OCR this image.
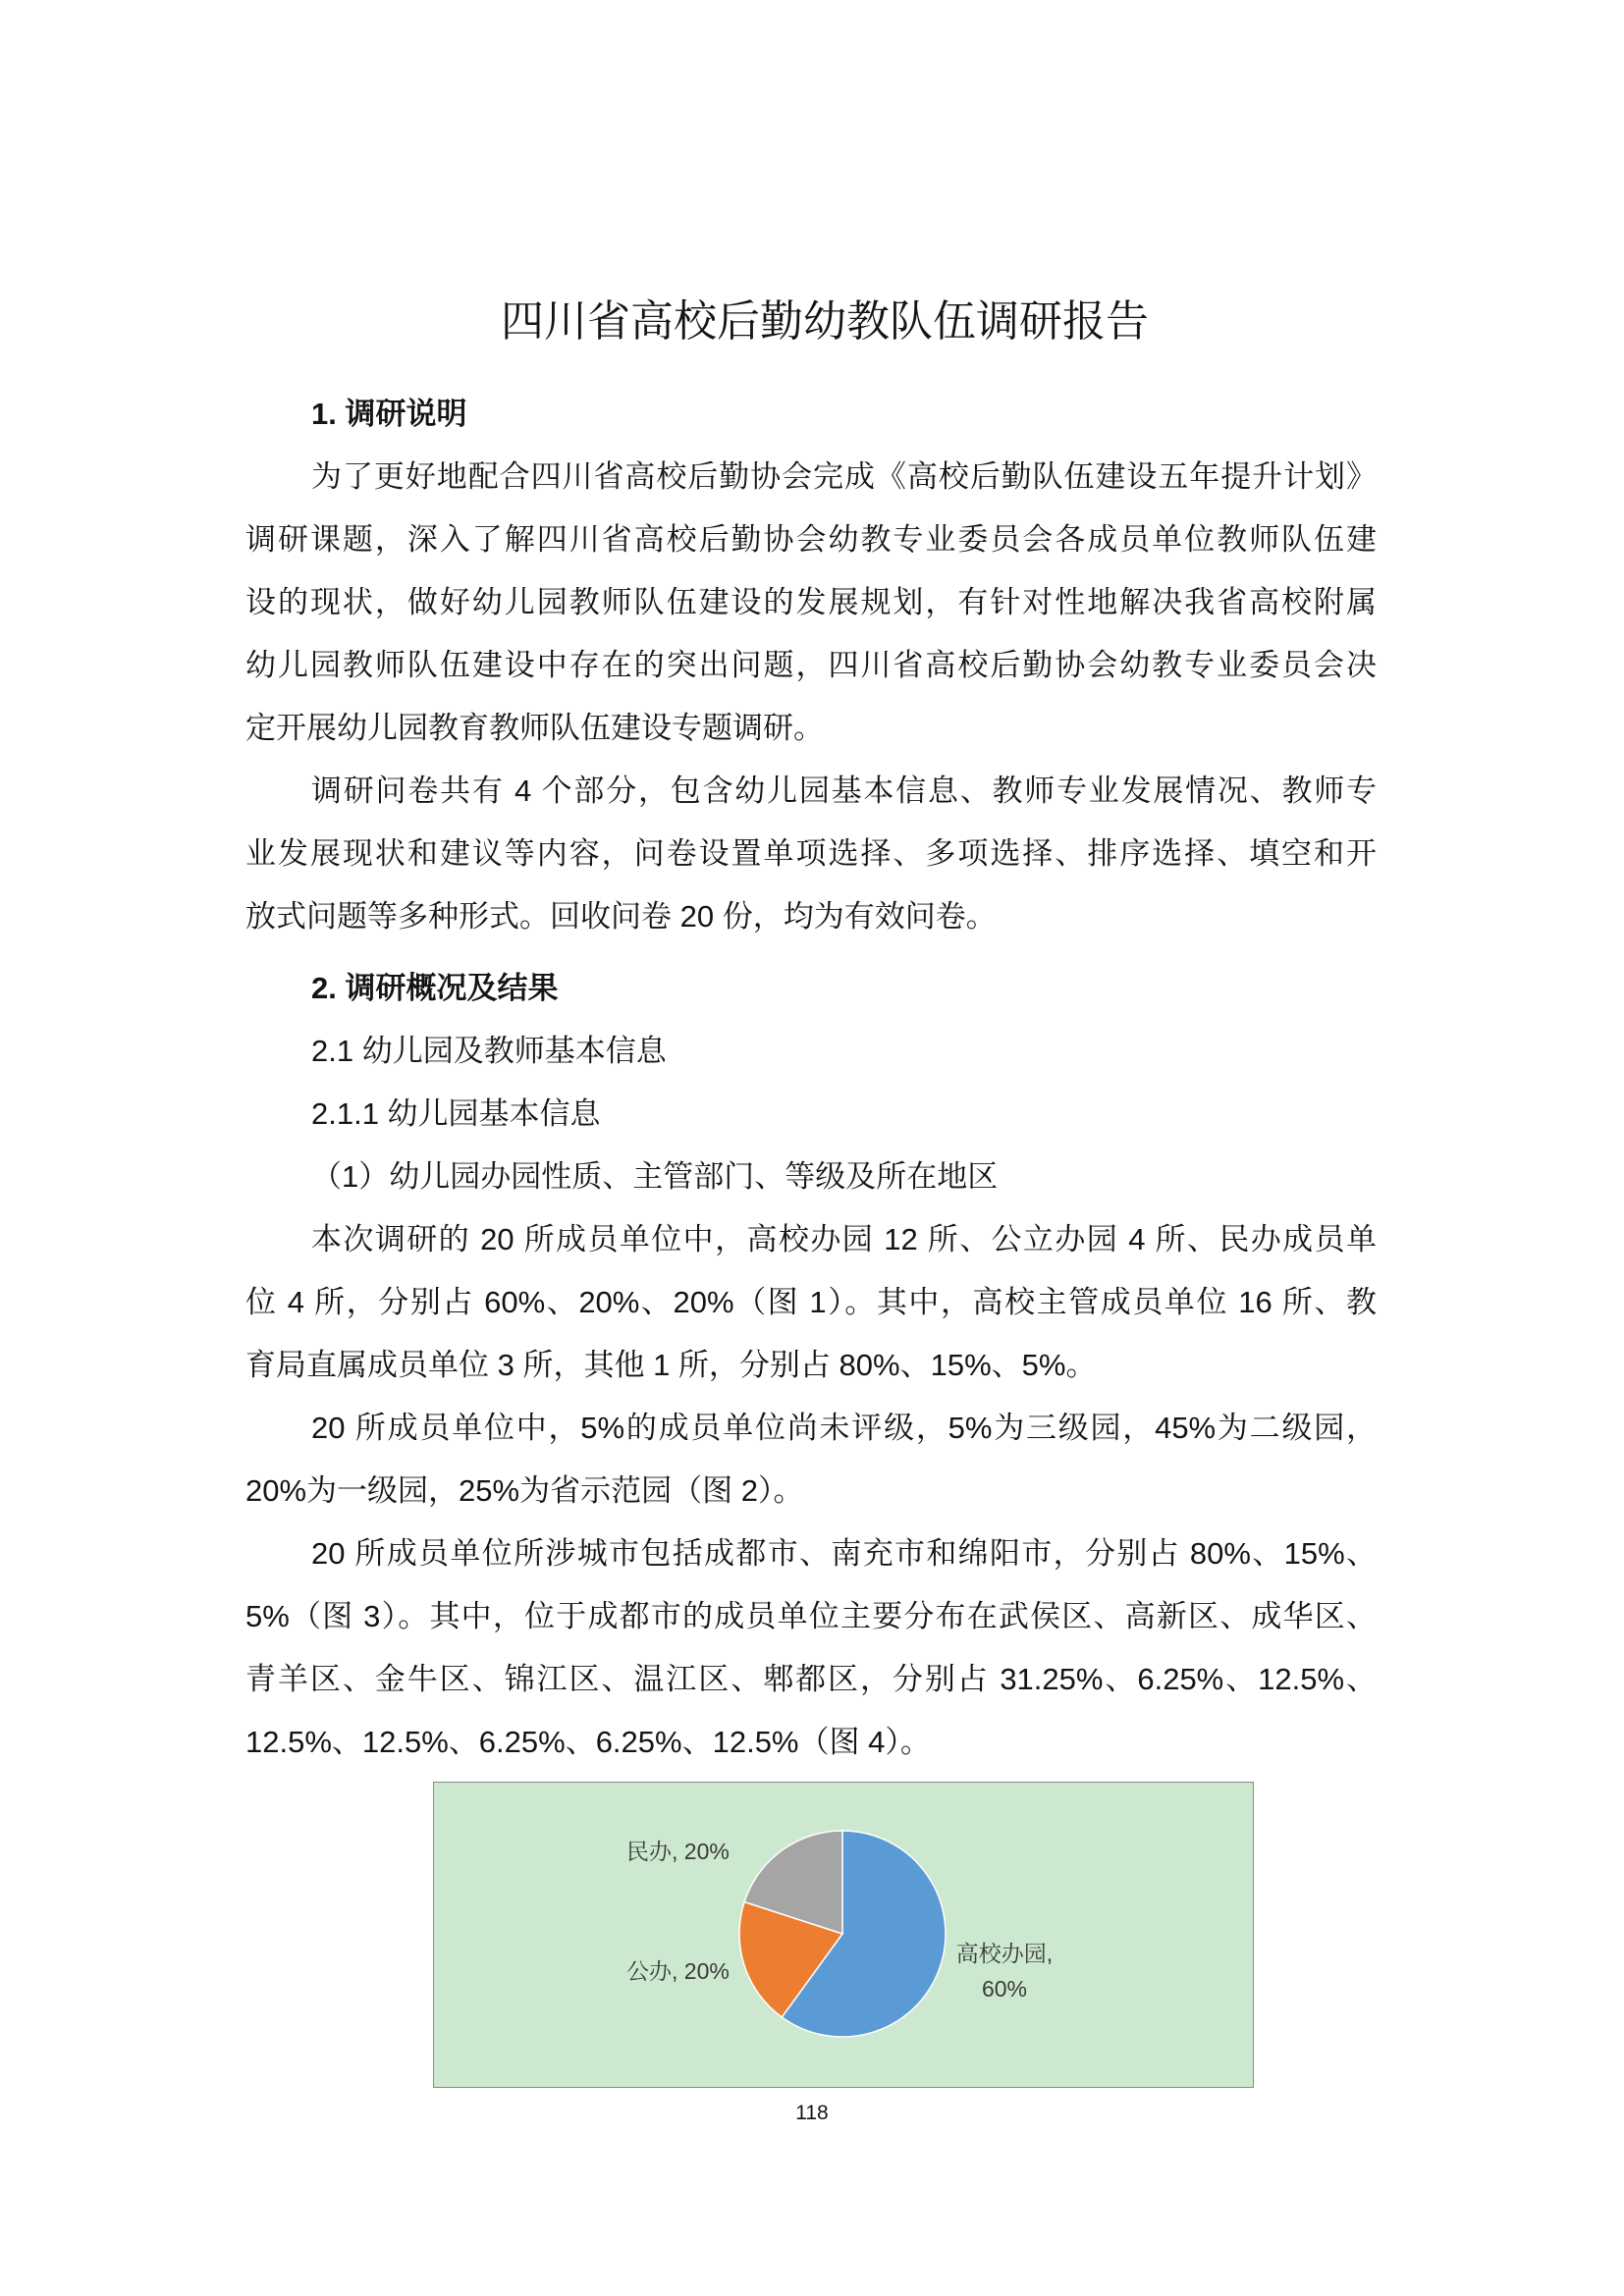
四川省高校后勤幼教队伍调研报告
1. 调研说明
为了更好地配合四川省高校后勤协会完成《高校后勤队伍建设五年提升计划》
调研课题，深入了解四川省高校后勤协会幼教专业委员会各成员单位教师队伍建
设的现状，做好幼儿园教师队伍建设的发展规划，有针对性地解决我省高校附属
幼儿园教师队伍建设中存在的突出问题，四川省高校后勤协会幼教专业委员会决
定开展幼儿园教育教师队伍建设专题调研。
调研问卷共有 4 个部分，包含幼儿园基本信息、教师专业发展情况、教师专
业发展现状和建议等内容，问卷设置单项选择、多项选择、排序选择、填空和开
放式问题等多种形式。回收问卷 20 份，均为有效问卷。
2. 调研概况及结果
2.1 幼儿园及教师基本信息
2.1.1 幼儿园基本信息
（1）幼儿园办园性质、主管部门、等级及所在地区
本次调研的 20 所成员单位中，高校办园 12 所、公立办园 4 所、民办成员单
位 4 所，分别占 60%、20%、20%（图 1）。其中，高校主管成员单位 16 所、教
育局直属成员单位 3 所，其他 1 所，分别占 80%、15%、5%。
20 所成员单位中，5%的成员单位尚未评级，5%为三级园，45%为二级园，
20%为一级园，25%为省示范园（图 2）。
20 所成员单位所涉城市包括成都市、南充市和绵阳市，分别占 80%、15%、
5%（图 3）。其中，位于成都市的成员单位主要分布在武侯区、高新区、成华区、
青羊区、金牛区、锦江区、温江区、郫都区，分别占 31.25%、6.25%、12.5%、
12.5%、12.5%、6.25%、6.25%、12.5%（图 4）。
民办, 20%
公办, 20%
高校办园,
60%
118
